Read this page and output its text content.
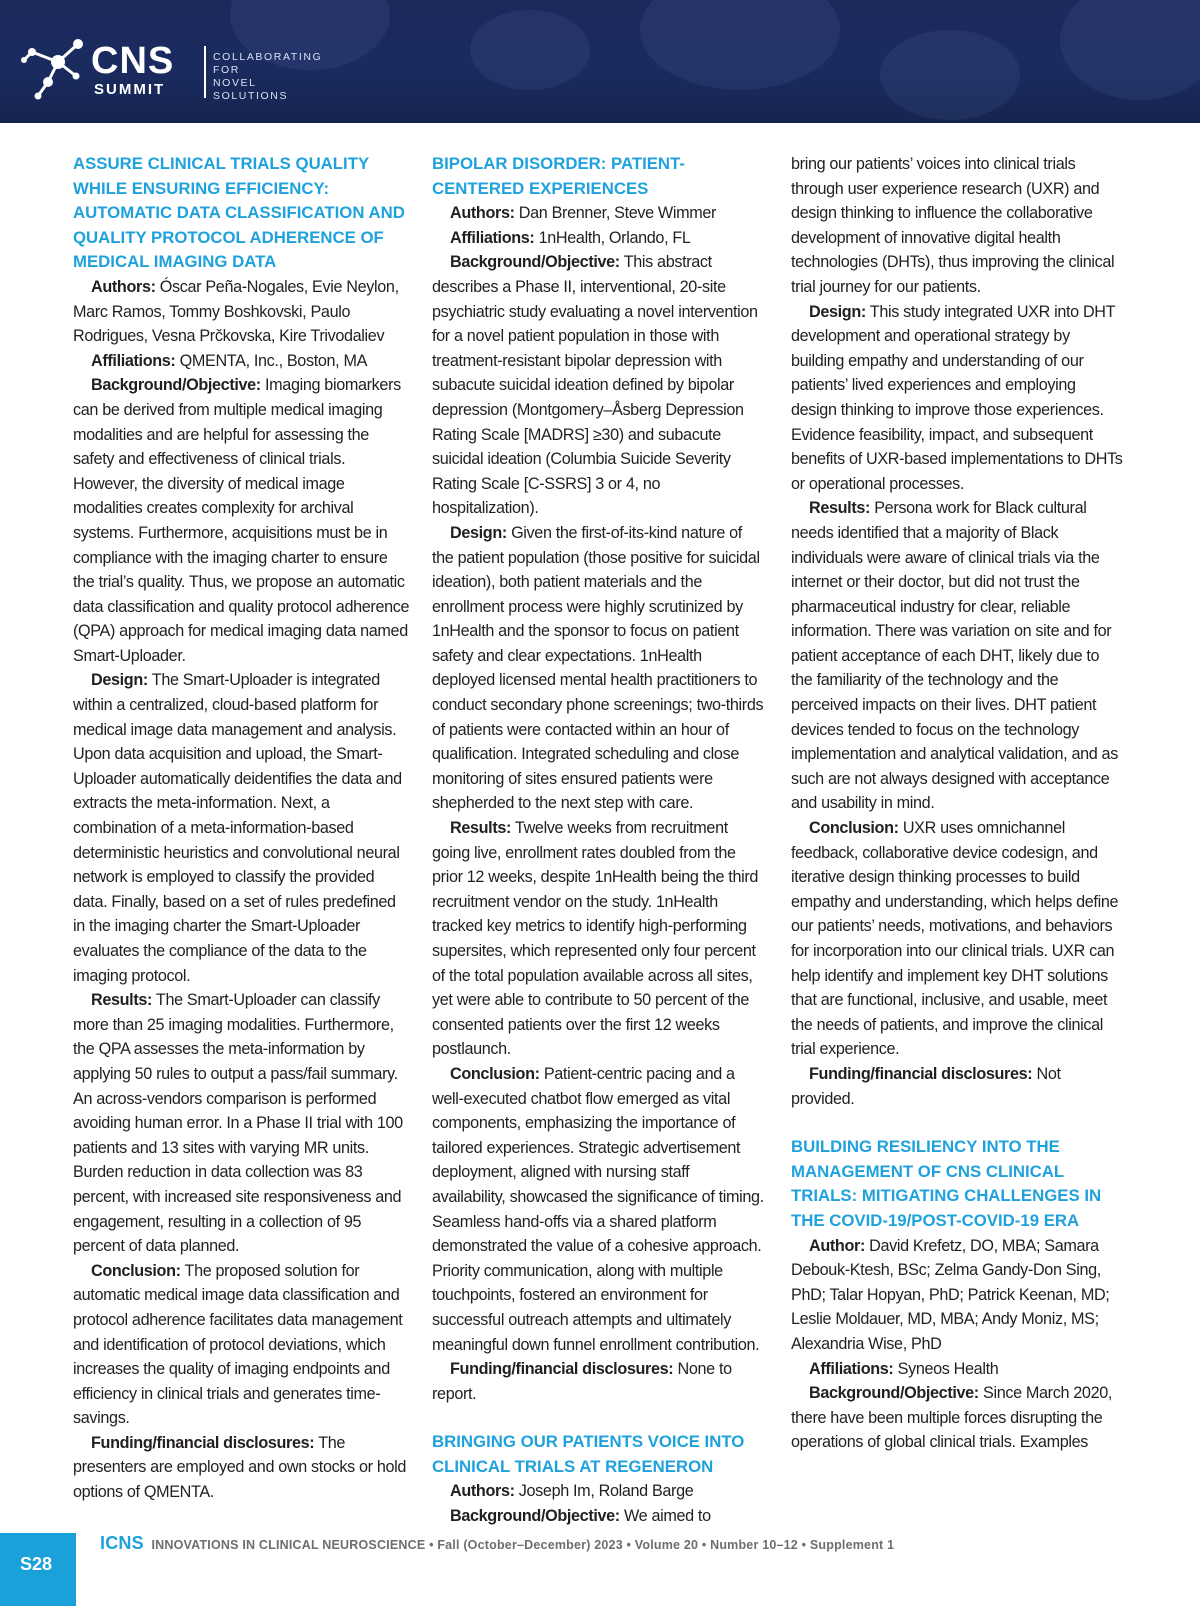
CNS
SUMMIT
COLLABORATING FOR
NOVEL
SOLUTIONS
ASSURE CLINICAL TRIALS QUALITY WHILE ENSURING EFFICIENCY: AUTOMATIC DATA CLASSIFICATION AND QUALITY PROTOCOL ADHERENCE OF MEDICAL IMAGING DATA

Authors: Óscar Peña-Nogales, Evie Neylon, Marc Ramos, Tommy Boshkovski, Paulo Rodrigues, Vesna Prčkovska, Kire Trivodaliev

Affiliations: QMENTA, Inc., Boston, MA

Background/Objective: Imaging biomarkers can be derived from multiple medical imaging modalities and are helpful for assessing the safety and effectiveness of clinical trials. However, the diversity of medical image modalities creates complexity for archival systems. Furthermore, acquisitions must be in compliance with the imaging charter to ensure the trial’s quality. Thus, we propose an automatic data classification and quality protocol adherence (QPA) approach for medical imaging data named Smart-Uploader.

Design: The Smart-Uploader is integrated within a centralized, cloud-based platform for medical image data management and analysis. Upon data acquisition and upload, the Smart-Uploader automatically deidentifies the data and extracts the meta-information. Next, a combination of a meta-information-based deterministic heuristics and convolutional neural network is employed to classify the provided data. Finally, based on a set of rules predefined in the imaging charter the Smart-Uploader evaluates the compliance of the data to the imaging protocol.

Results: The Smart-Uploader can classify more than 25 imaging modalities. Furthermore, the QPA assesses the meta-information by applying 50 rules to output a pass/fail summary. An across-vendors comparison is performed avoiding human error. In a Phase II trial with 100 patients and 13 sites with varying MR units. Burden reduction in data collection was 83 percent, with increased site responsiveness and engagement, resulting in a collection of 95 percent of data planned.

Conclusion: The proposed solution for automatic medical image data classification and protocol adherence facilitates data management and identification of protocol deviations, which increases the quality of imaging endpoints and efficiency in clinical trials and generates time-savings.

Funding/financial disclosures: The presenters are employed and own stocks or hold options of QMENTA.

BIPOLAR DISORDER: PATIENT-CENTERED EXPERIENCES

Authors: Dan Brenner, Steve Wimmer

Affiliations: 1nHealth, Orlando, FL

Background/Objective: This abstract describes a Phase II, interventional, 20-site psychiatric study evaluating a novel intervention for a novel patient population in those with treatment-resistant bipolar depression with subacute suicidal ideation defined by bipolar depression (Montgomery–Åsberg Depression Rating Scale [MADRS] ≥30) and subacute suicidal ideation (Columbia Suicide Severity Rating Scale [C-SSRS] 3 or 4, no hospitalization).

Design: Given the first-of-its-kind nature of the patient population (those positive for suicidal ideation), both patient materials and the enrollment process were highly scrutinized by 1nHealth and the sponsor to focus on patient safety and clear expectations. 1nHealth deployed licensed mental health practitioners to conduct secondary phone screenings; two-thirds of patients were contacted within an hour of qualification. Integrated scheduling and close monitoring of sites ensured patients were shepherded to the next step with care.

Results: Twelve weeks from recruitment going live, enrollment rates doubled from the prior 12 weeks, despite 1nHealth being the third recruitment vendor on the study. 1nHealth tracked key metrics to identify high-performing supersites, which represented only four percent of the total population available across all sites, yet were able to contribute to 50 percent of the consented patients over the first 12 weeks postlaunch.

Conclusion: Patient-centric pacing and a well-executed chatbot flow emerged as vital components, emphasizing the importance of tailored experiences. Strategic advertisement deployment, aligned with nursing staff availability, showcased the significance of timing. Seamless hand-offs via a shared platform demonstrated the value of a cohesive approach. Priority communication, along with multiple touchpoints, fostered an environment for successful outreach attempts and ultimately meaningful down funnel enrollment contribution.

Funding/financial disclosures: None to report.

BRINGING OUR PATIENTS VOICE INTO CLINICAL TRIALS AT REGENERON

Authors: Joseph Im, Roland Barge

Background/Objective: We aimed to

bring our patients’ voices into clinical trials through user experience research (UXR) and design thinking to influence the collaborative development of innovative digital health technologies (DHTs), thus improving the clinical trial journey for our patients.

Design: This study integrated UXR into DHT development and operational strategy by building empathy and understanding of our patients’ lived experiences and employing design thinking to improve those experiences. Evidence feasibility, impact, and subsequent benefits of UXR-based implementations to DHTs or operational processes.

Results: Persona work for Black cultural needs identified that a majority of Black individuals were aware of clinical trials via the internet or their doctor, but did not trust the pharmaceutical industry for clear, reliable information. There was variation on site and for patient acceptance of each DHT, likely due to the familiarity of the technology and the perceived impacts on their lives. DHT patient devices tended to focus on the technology implementation and analytical validation, and as such are not always designed with acceptance and usability in mind.

Conclusion: UXR uses omnichannel feedback, collaborative device codesign, and iterative design thinking processes to build empathy and understanding, which helps define our patients’ needs, motivations, and behaviors for incorporation into our clinical trials. UXR can help identify and implement key DHT solutions that are functional, inclusive, and usable, meet the needs of patients, and improve the clinical trial experience.

Funding/financial disclosures: Not provided.

BUILDING RESILIENCY INTO THE MANAGEMENT OF CNS CLINICAL TRIALS: MITIGATING CHALLENGES IN THE COVID-19/POST-COVID-19 ERA

Author: David Krefetz, DO, MBA; Samara Debouk-Ktesh, BSc; Zelma Gandy-Don Sing, PhD; Talar Hopyan, PhD; Patrick Keenan, MD; Leslie Moldauer, MD, MBA; Andy Moniz, MS; Alexandria Wise, PhD

Affiliations: Syneos Health

Background/Objective: Since March 2020, there have been multiple forces disrupting the operations of global clinical trials. Examples

S28
ICNS INNOVATIONS IN CLINICAL NEUROSCIENCE • Fall (October–December) 2023 • Volume 20 • Number 10–12 • Supplement 1
